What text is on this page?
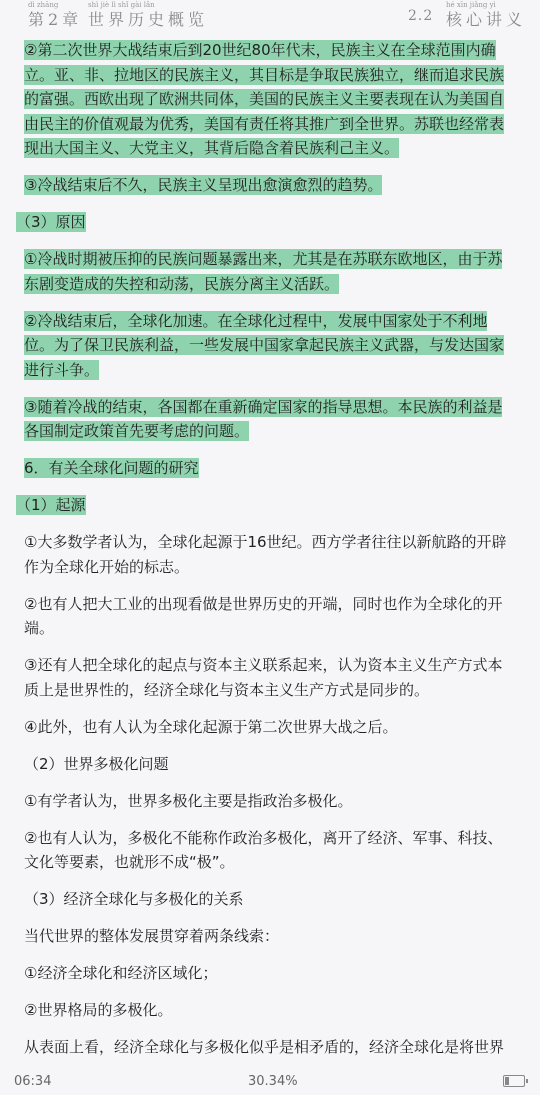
dì zhāng
第2章
shì jiè lì shǐ gài lǎn
世界历史概览	2.2
hé xīn jiǎng yì
核心讲义
②第二次世界大战结束后到20世纪80年代末，民族主义在全球范围内确立。亚、非、拉地区的民族主义，其目标是争取民族独立，继而追求民族的富强。西欧出现了欧洲共同体，美国的民族主义主要表现在认为美国自由民主的价值观最为优秀，美国有责任将其推广到全世界。苏联也经常表现出大国主义、大党主义，其背后隐含着民族利己主义。
③冷战结束后不久，民族主义呈现出愈演愈烈的趋势。
（3）原因
①冷战时期被压抑的民族问题暴露出来，尤其是在苏联东欧地区，由于苏东剧变造成的失控和动荡，民族分离主义活跃。
②冷战结束后，全球化加速。在全球化过程中，发展中国家处于不利地位。为了保卫民族利益，一些发展中国家拿起民族主义武器，与发达国家进行斗争。
③随着冷战的结束，各国都在重新确定国家的指导思想。本民族的利益是各国制定政策首先要考虑的问题。
6．有关全球化问题的研究
（1）起源
①大多数学者认为，全球化起源于16世纪。西方学者往往以新航路的开辟作为全球化开始的标志。
②也有人把大工业的出现看做是世界历史的开端，同时也作为全球化的开端。
③还有人把全球化的起点与资本主义联系起来，认为资本主义生产方式本质上是世界性的，经济全球化与资本主义生产方式是同步的。
④此外，也有人认为全球化起源于第二次世界大战之后。
（2）世界多极化问题
①有学者认为，世界多极化主要是指政治多极化。
②也有人认为，多极化不能称作政治多极化，离开了经济、军事、科技、文化等要素，也就形不成“极”。
（3）经济全球化与多极化的关系
当代世界的整体发展贯穿着两条线索：
①经济全球化和经济区域化；
②世界格局的多极化。
从表面上看，经济全球化与多极化似乎是相矛盾的，经济全球化是将世界
06:34	30.34%
